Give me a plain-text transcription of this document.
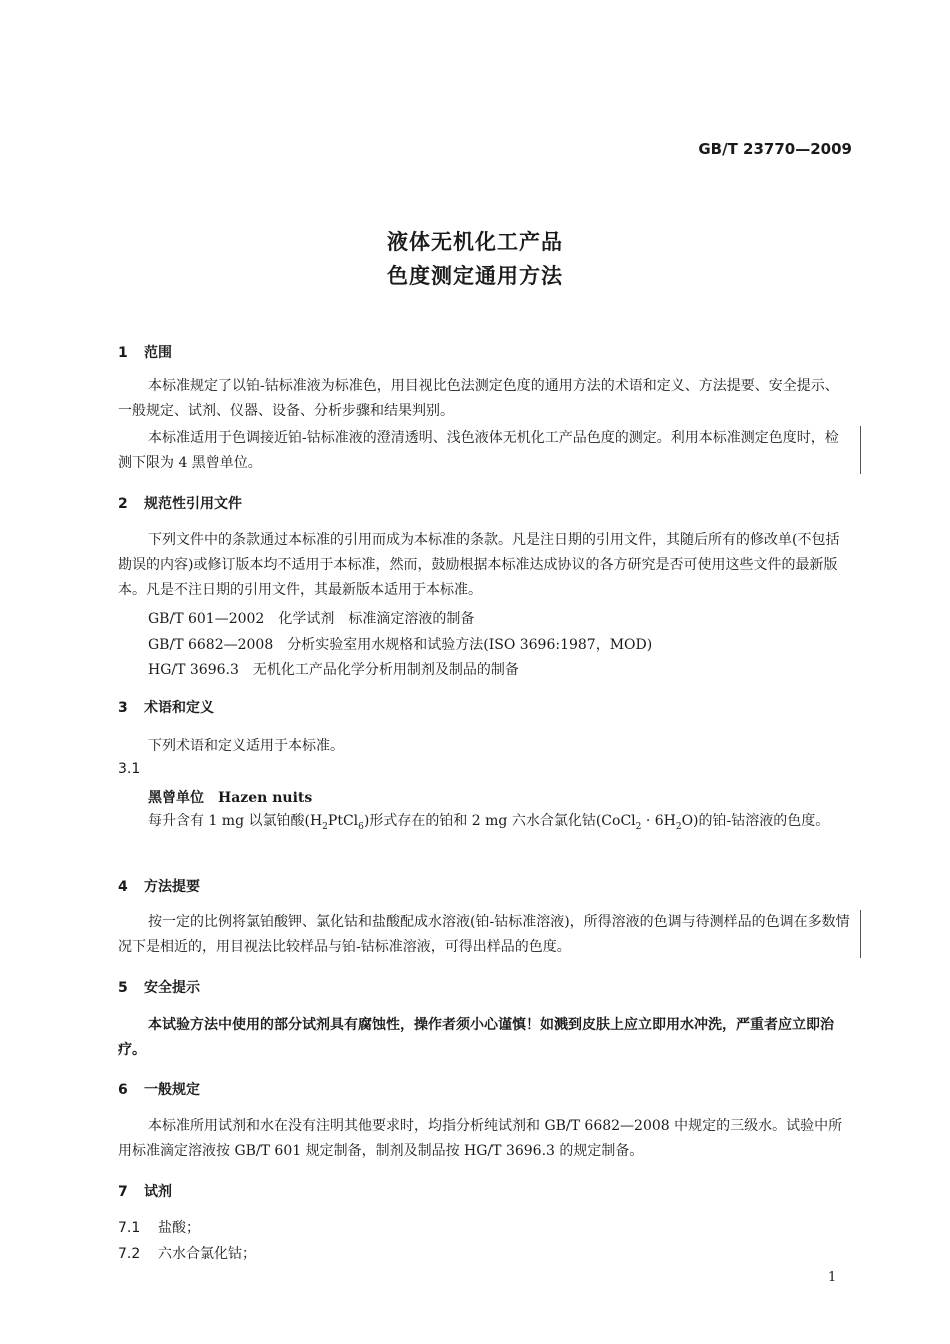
GB/T 23770—2009
液体无机化工产品
色度测定通用方法
1 范围
本标准规定了以铂-钴标准液为标准色，用目视比色法测定色度的通用方法的术语和定义、方法提要、安全提示、一般规定、试剂、仪器、设备、分析步骤和结果判别。
本标准适用于色调接近铂-钴标准液的澄清透明、浅色液体无机化工产品色度的测定。利用本标准测定色度时，检测下限为 4 黑曾单位。
2 规范性引用文件
下列文件中的条款通过本标准的引用而成为本标准的条款。凡是注日期的引用文件，其随后所有的修改单(不包括勘误的内容)或修订版本均不适用于本标准，然而，鼓励根据本标准达成协议的各方研究是否可使用这些文件的最新版本。凡是不注日期的引用文件，其最新版本适用于本标准。
GB/T 601—2002 化学试剂　标准滴定溶液的制备
GB/T 6682—2008 分析实验室用水规格和试验方法(ISO 3696:1987，MOD)
HG/T 3696.3 无机化工产品化学分析用制剂及制品的制备
3 术语和定义
下列术语和定义适用于本标准。
3.1
黑曾单位 Hazen nuits
每升含有 1 mg 以氯铂酸$(H_2PtCl_6)$形式存在的铂和 2 mg 六水合氯化钴(CoCl$_2$ · $6H_2O$)的铂-钴溶液的色度。
4 方法提要
按一定的比例将氯铂酸钾、氯化钴和盐酸配成水溶液(铂-钴标准溶液)，所得溶液的色调与待测样品的色调在多数情况下是相近的，用目视法比较样品与铂-钴标准溶液，可得出样品的色度。
5 安全提示
本试验方法中使用的部分试剂具有腐蚀性，操作者须小心谨慎！如溅到皮肤上应立即用水冲洗，严重者应立即治疗。
6 一般规定
本标准所用试剂和水在没有注明其他要求时，均指分析纯试剂和 GB/T 6682—2008 中规定的三级水。试验中所用标准滴定溶液按 GB/T 601 规定制备，制剂及制品按 HG/T 3696.3 的规定制备。
7 试剂
7.1 盐酸；
7.2 六水合氯化钴；
1
